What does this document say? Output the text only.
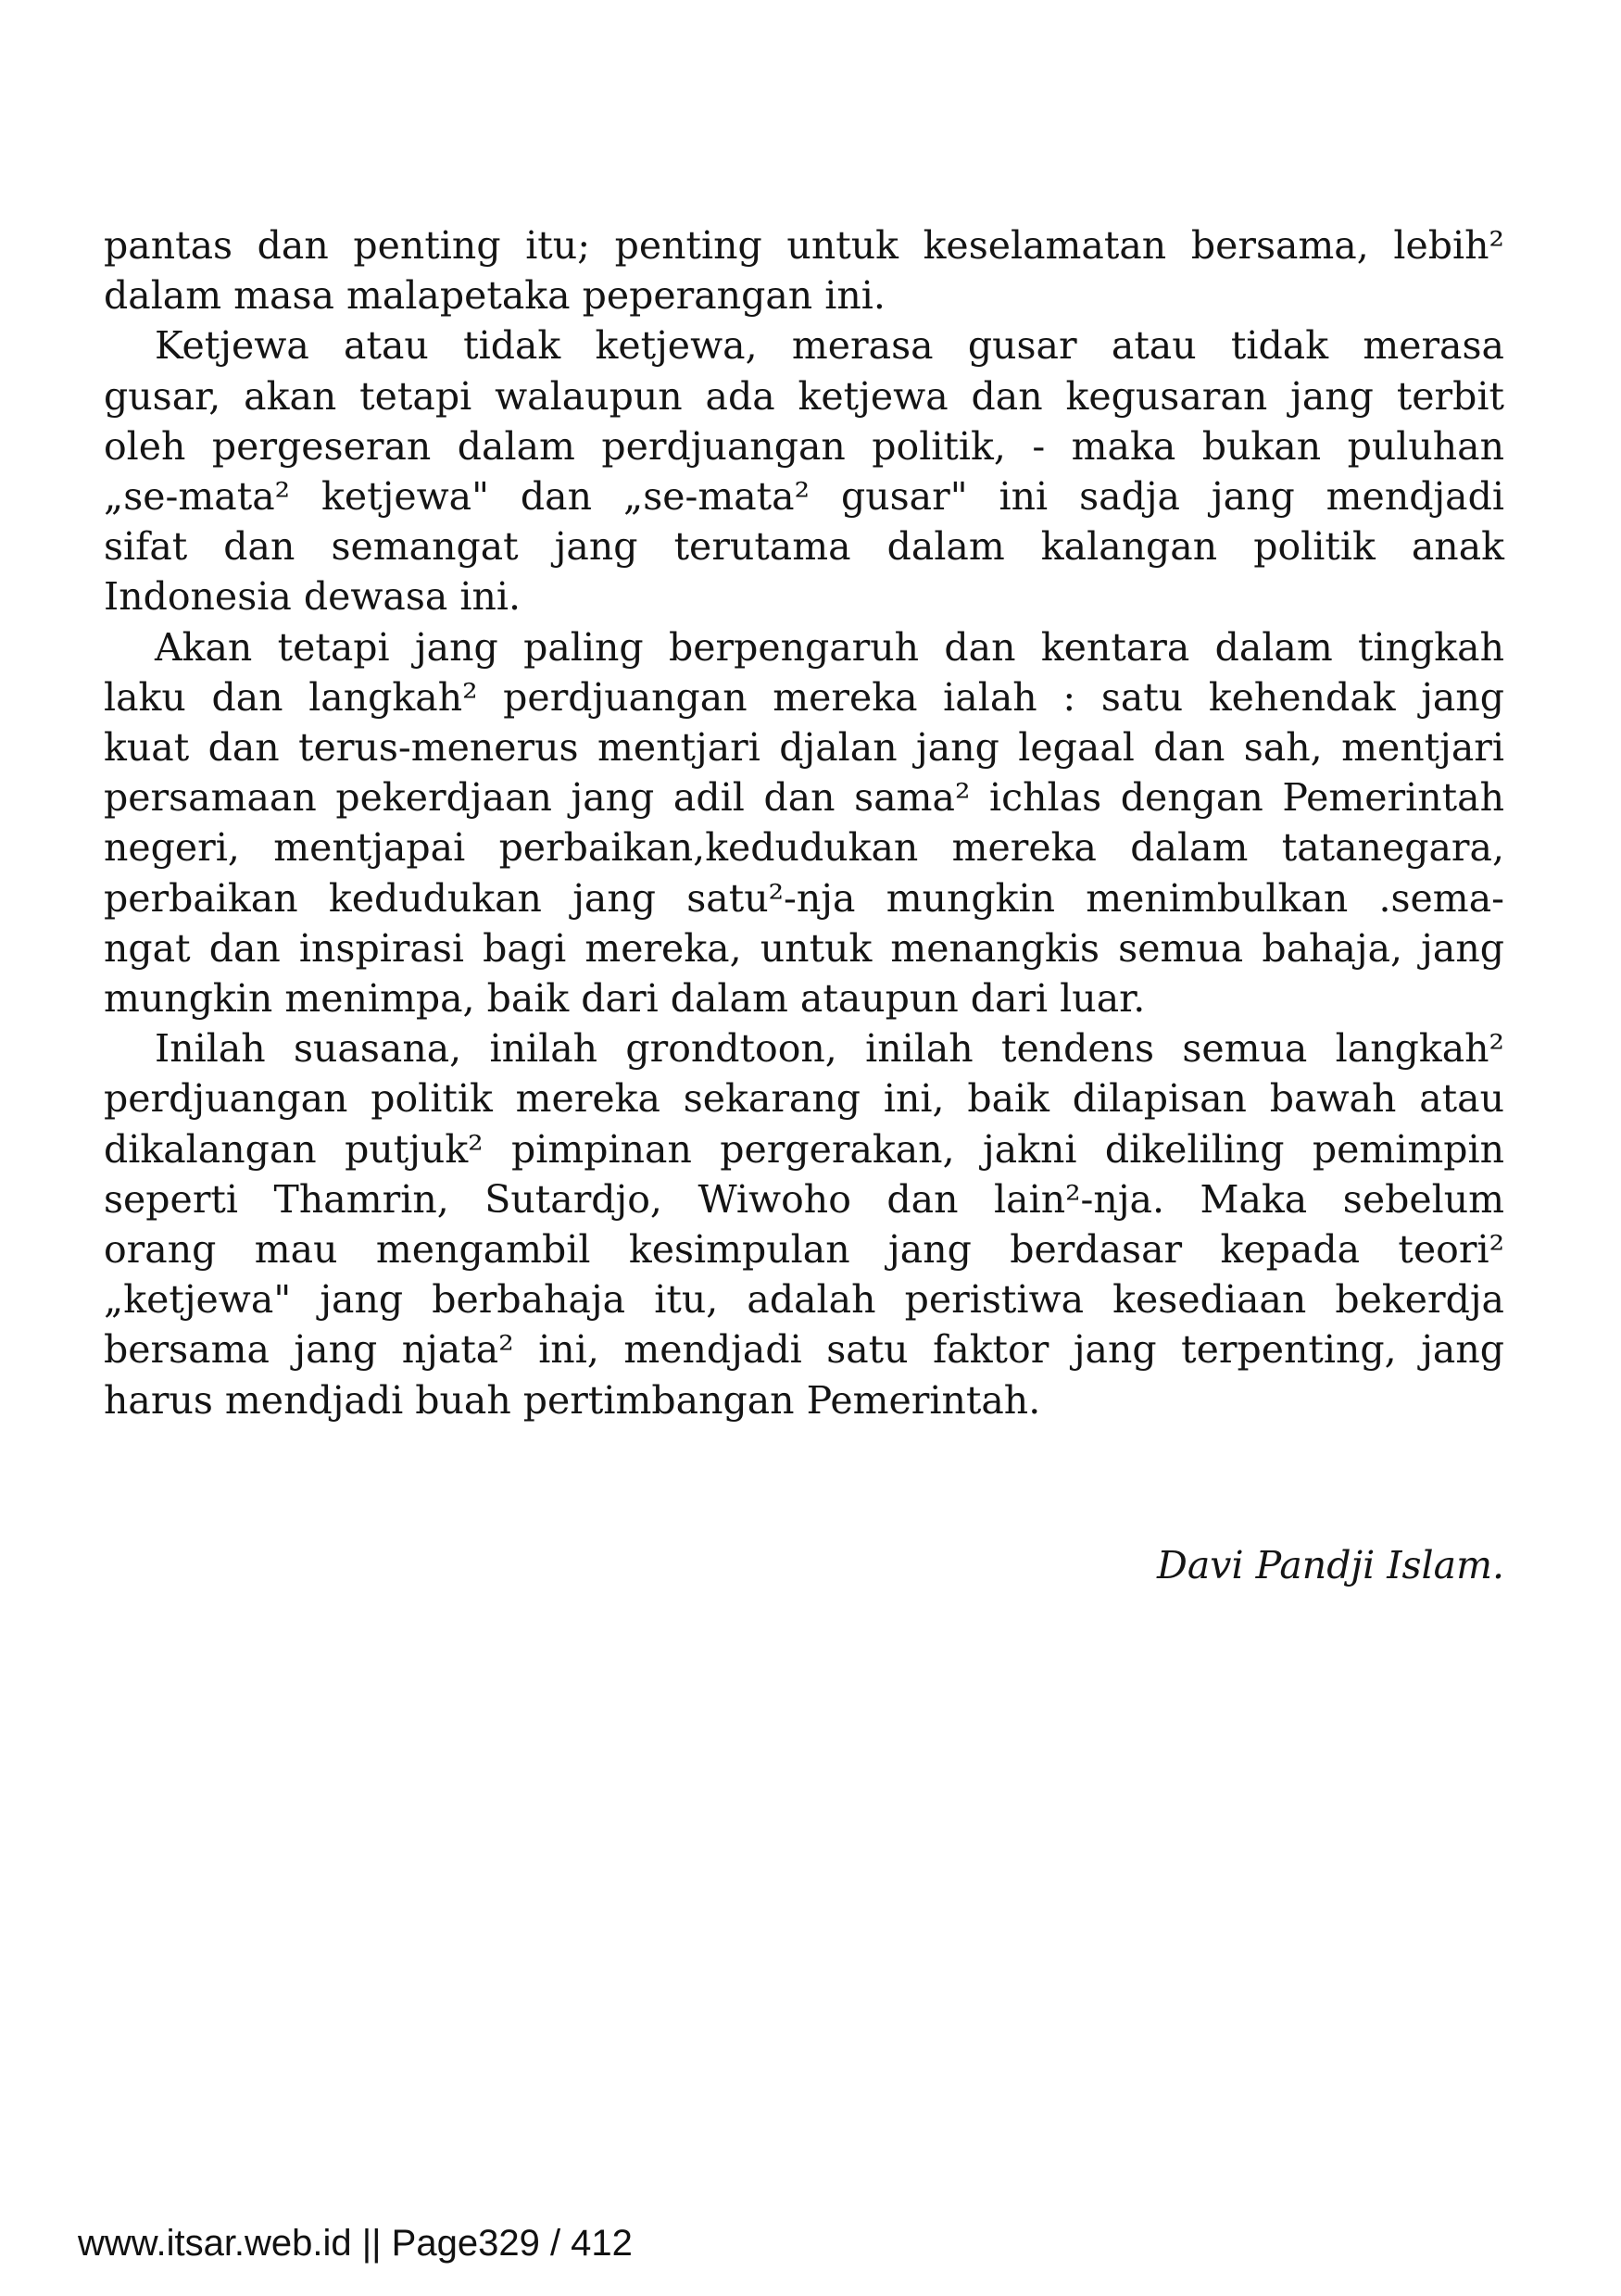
pantas dan penting itu; penting untuk keselamatan bersama, lebih²
dalam masa malapetaka peperangan ini.
Ketjewa atau tidak ketjewa, merasa gusar atau tidak merasa
gusar, akan tetapi walaupun ada ketjewa dan kegusaran jang terbit
oleh pergeseran dalam perdjuangan politik, - maka bukan puluhan
„se-mata² ketjewa" dan „se-mata² gusar" ini sadja jang mendjadi
sifat dan semangat jang terutama dalam kalangan politik anak
Indonesia dewasa ini.
Akan tetapi jang paling berpengaruh dan kentara dalam tingkah
laku dan langkah² perdjuangan mereka ialah : satu kehendak jang
kuat dan terus-menerus mentjari djalan jang legaal dan sah, mentjari
persamaan pekerdjaan jang adil dan sama² ichlas dengan Pemerintah
negeri, mentjapai perbaikan,kedudukan mereka dalam tatanegara,
perbaikan kedudukan jang satu²-nja mungkin menimbulkan .sema-
ngat dan inspirasi bagi mereka, untuk menangkis semua bahaja, jang
mungkin menimpa, baik dari dalam ataupun dari luar.
Inilah suasana, inilah grondtoon, inilah tendens semua langkah²
perdjuangan politik mereka sekarang ini, baik dilapisan bawah atau
dikalangan putjuk² pimpinan pergerakan, jakni dikeliling pemimpin
seperti Thamrin, Sutardjo, Wiwoho dan lain²-nja. Maka sebelum
orang mau mengambil kesimpulan jang berdasar kepada teori²
„ketjewa" jang berbahaja itu, adalah peristiwa kesediaan bekerdja
bersama jang njata² ini, mendjadi satu faktor jang terpenting, jang
harus mendjadi buah pertimbangan Pemerintah.
Davi Pandji Islam.
www.itsar.web.id || Page329 / 412
